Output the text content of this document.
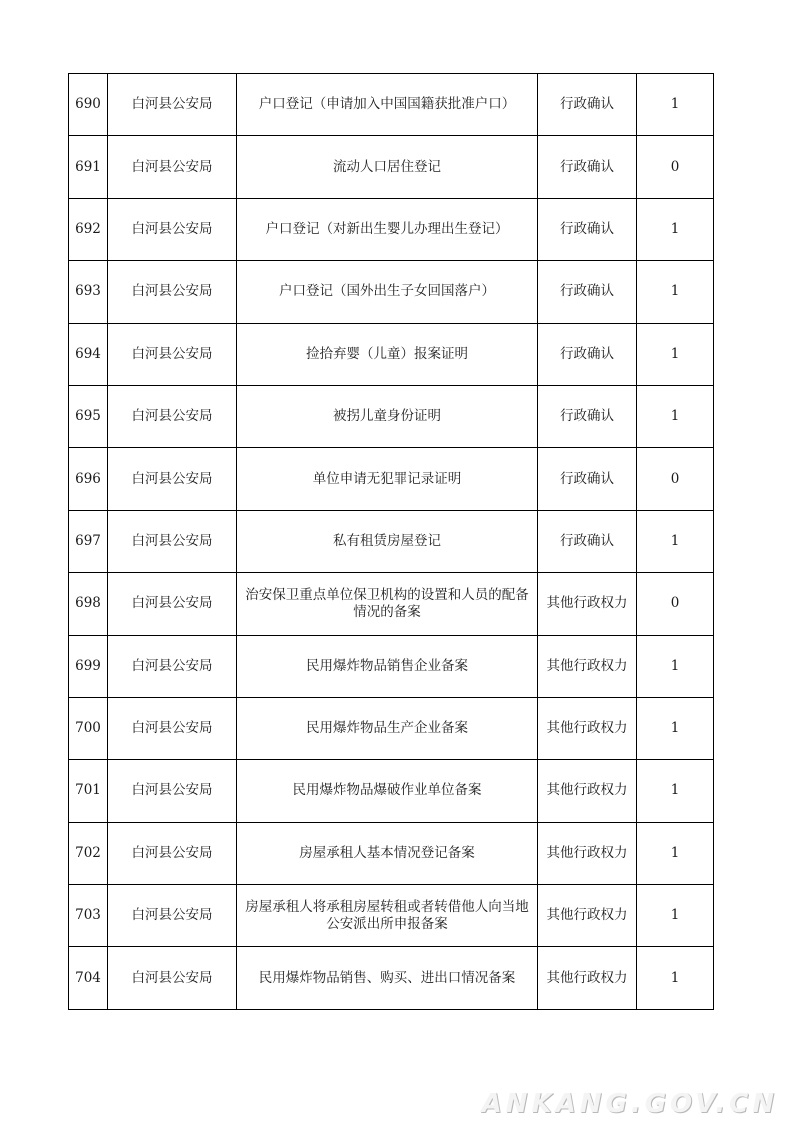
690	白河县公安局	户口登记（申请加入中国国籍获批准户口）	行政确认	1
691	白河县公安局	流动人口居住登记	行政确认	0
692	白河县公安局	户口登记（对新出生婴儿办理出生登记）	行政确认	1
693	白河县公安局	户口登记（国外出生子女回国落户）	行政确认	1
694	白河县公安局	捡拾弃婴（儿童）报案证明	行政确认	1
695	白河县公安局	被拐儿童身份证明	行政确认	1
696	白河县公安局	单位申请无犯罪记录证明	行政确认	0
697	白河县公安局	私有租赁房屋登记	行政确认	1
698	白河县公安局	治安保卫重点单位保卫机构的设置和人员的配备情况的备案	其他行政权力	0
699	白河县公安局	民用爆炸物品销售企业备案	其他行政权力	1
700	白河县公安局	民用爆炸物品生产企业备案	其他行政权力	1
701	白河县公安局	民用爆炸物品爆破作业单位备案	其他行政权力	1
702	白河县公安局	房屋承租人基本情况登记备案	其他行政权力	1
703	白河县公安局	房屋承租人将承租房屋转租或者转借他人向当地公安派出所申报备案	其他行政权力	1
704	白河县公安局	民用爆炸物品销售、购买、进出口情况备案	其他行政权力	1
ANKANG.GOV.CN
